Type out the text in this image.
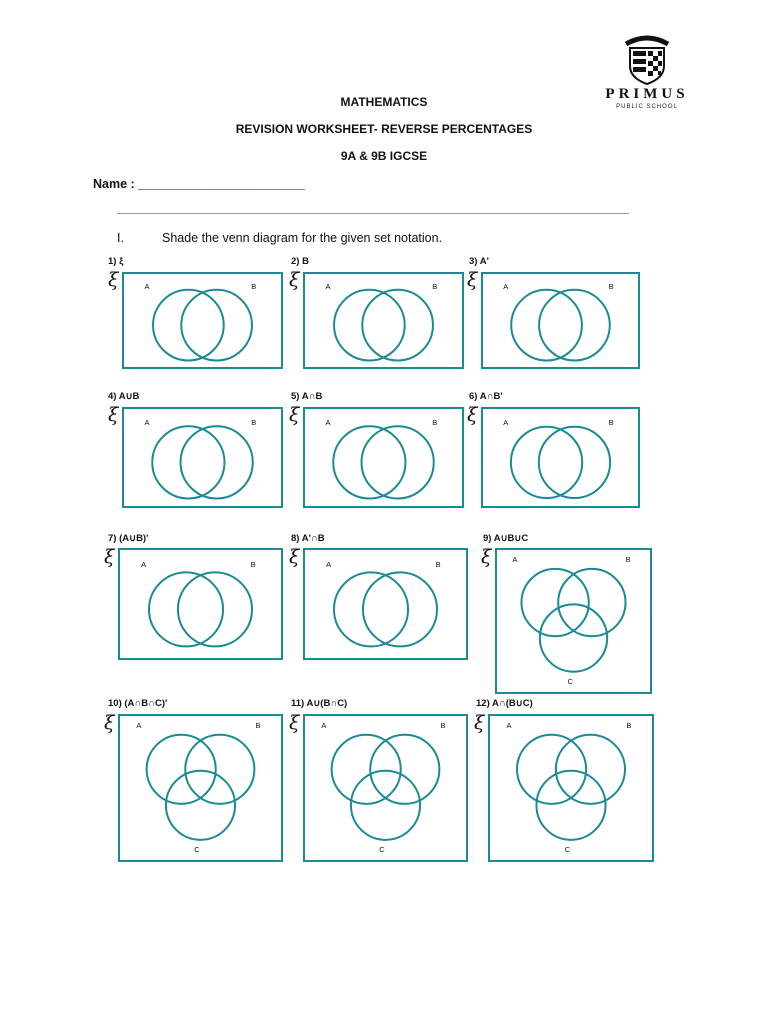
PRIMUS
PUBLIC SCHOOL
MATHEMATICS
REVISION WORKSHEET- REVERSE PERCENTAGES
9A & 9B IGCSE
Name : ________________________
I.	Shade the venn diagram for the given set notation.
1) ξ
ξ	A	B
2) B
ξ	A	B
3) A'
ξ	A	B
4) A∪B
ξ	A	B
5) A∩B
ξ	A	B
6) A∩B'
ξ	A	B
7) (A∪B)'
ξ	A	B
8) A'∩B
ξ	A	B
9) A∪B∪C
ξ	A	B
C
10) (A∩B∩C)'
ξ	A	B
C
11) A∪(B∩C)
ξ	A	B
C
12) A∩(B∪C)
ξ	A	B
C
